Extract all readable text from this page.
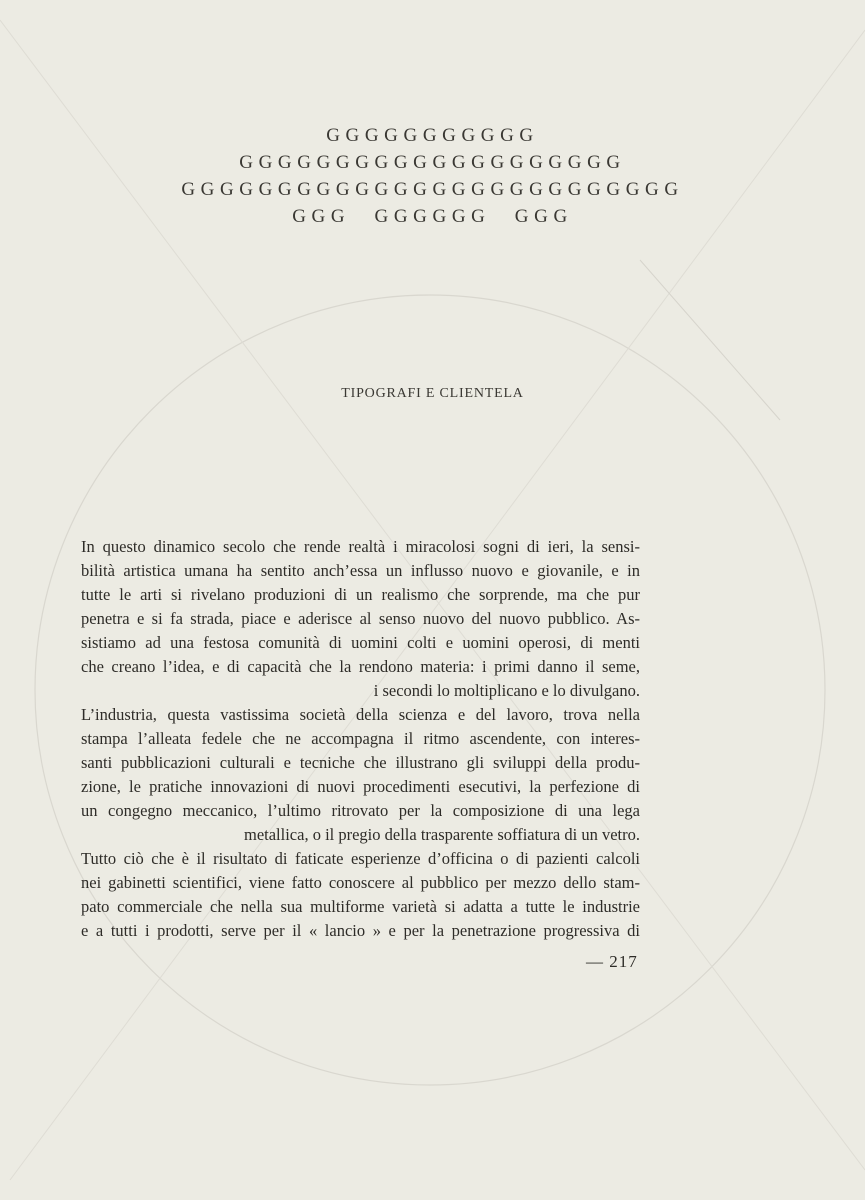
GGGGGGGGGGG
GGGGGGGGGGGGGGGGGGGG
GGGGGGGGGGGGGGGGGGGGGGGGGG
GGG GGGGGG GGG
TIPOGRAFI E CLIENTELA
In questo dinamico secolo che rende realtà i miracolosi sogni di ieri, la sensi-
bilità artistica umana ha sentito anch’essa un influsso nuovo e giovanile, e in
tutte le arti si rivelano produzioni di un realismo che sorprende, ma che pur
penetra e si fa strada, piace e aderisce al senso nuovo del nuovo pubblico. As-
sistiamo ad una festosa comunità di uomini colti e uomini operosi, di menti
che creano l’idea, e di capacità che la rendono materia: i primi danno il seme,
i secondi lo moltiplicano e lo divulgano.
L’industria, questa vastissima società della scienza e del lavoro, trova nella
stampa l’alleata fedele che ne accompagna il ritmo ascendente, con interes-
santi pubblicazioni culturali e tecniche che illustrano gli sviluppi della produ-
zione, le pratiche innovazioni di nuovi procedimenti esecutivi, la perfezione di
un congegno meccanico, l’ultimo ritrovato per la composizione di una lega
metallica, o il pregio della trasparente soffiatura di un vetro.
Tutto ciò che è il risultato di faticate esperienze d’officina o di pazienti calcoli
nei gabinetti scientifici, viene fatto conoscere al pubblico per mezzo dello stam-
pato commerciale che nella sua multiforme varietà si adatta a tutte le industrie
e a tutti i prodotti, serve per il « lancio » e per la penetrazione progressiva di
— 217
